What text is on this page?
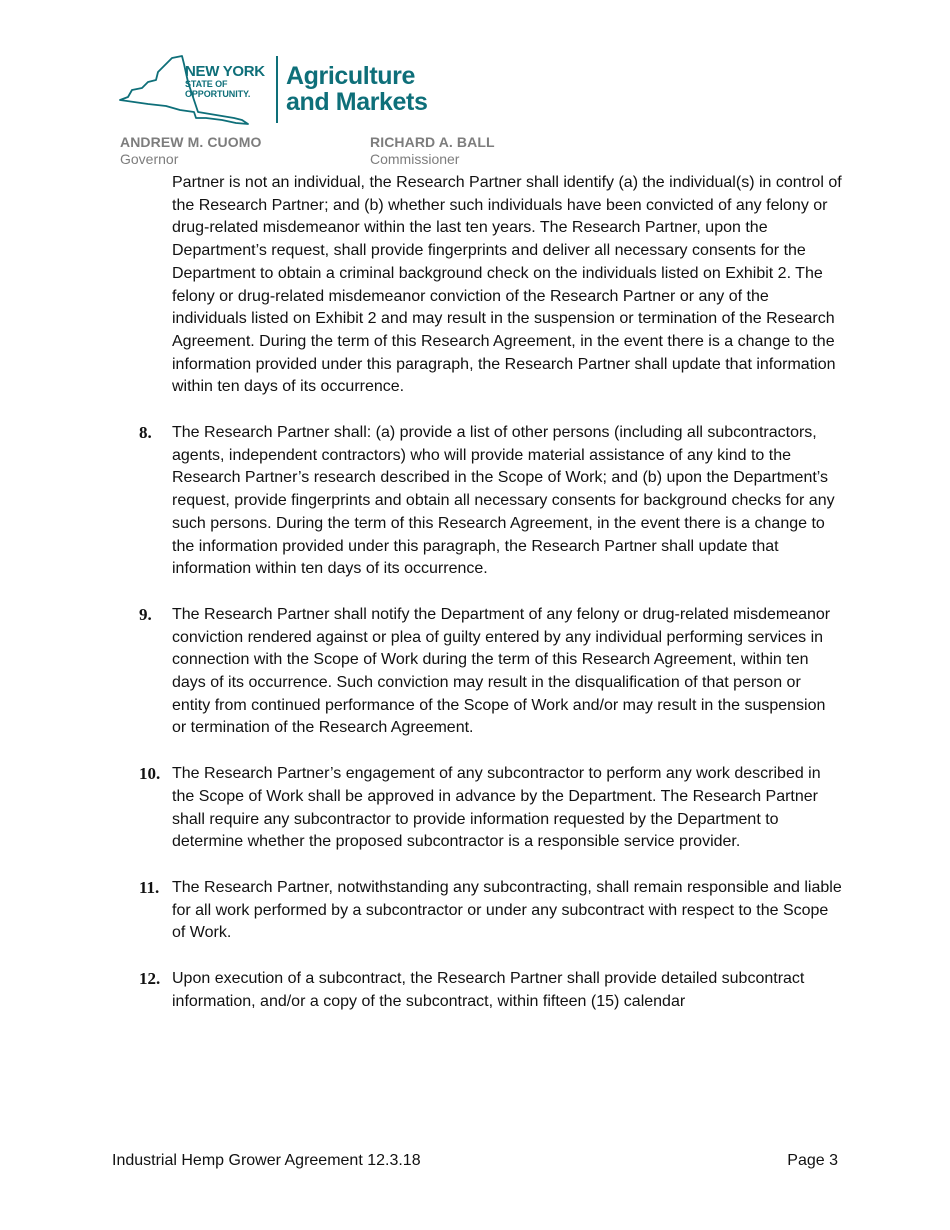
NEW YORK
STATE OF
OPPORTUNITY.
Agriculture
and Markets
ANDREW M. CUOMO
Governor
RICHARD A. BALL
Commissioner

Partner is not an individual, the Research Partner shall identify (a) the individual(s) in control of the Research Partner; and (b) whether such individuals have been convicted of any felony or drug-related misdemeanor within the last ten years. The Research Partner, upon the Department’s request, shall provide fingerprints and deliver all necessary consents for the Department to obtain a criminal background check on the individuals listed on Exhibit 2. The felony or drug-related misdemeanor conviction of the Research Partner or any of the individuals listed on Exhibit 2 and may result in the suspension or termination of the Research Agreement. During the term of this Research Agreement, in the event there is a change to the information provided under this paragraph, the Research Partner shall update that information within ten days of its occurrence.

8. The Research Partner shall: (a) provide a list of other persons (including all subcontractors, agents, independent contractors) who will provide material assistance of any kind to the Research Partner’s research described in the Scope of Work; and (b) upon the Department’s request, provide fingerprints and obtain all necessary consents for background checks for any such persons. During the term of this Research Agreement, in the event there is a change to the information provided under this paragraph, the Research Partner shall update that information within ten days of its occurrence.
9. The Research Partner shall notify the Department of any felony or drug-related misdemeanor conviction rendered against or plea of guilty entered by any individual performing services in connection with the Scope of Work during the term of this Research Agreement, within ten days of its occurrence. Such conviction may result in the disqualification of that person or entity from continued performance of the Scope of Work and/or may result in the suspension or termination of the Research Agreement.
10. The Research Partner’s engagement of any subcontractor to perform any work described in the Scope of Work shall be approved in advance by the Department. The Research Partner shall require any subcontractor to provide information requested by the Department to determine whether the proposed subcontractor is a responsible service provider.
11. The Research Partner, notwithstanding any subcontracting, shall remain responsible and liable for all work performed by a subcontractor or under any subcontract with respect to the Scope of Work.
12. Upon execution of a subcontract, the Research Partner shall provide detailed subcontract information, and/or a copy of the subcontract, within fifteen (15) calendar
Industrial Hemp Grower Agreement 12.3.18	Page 3
